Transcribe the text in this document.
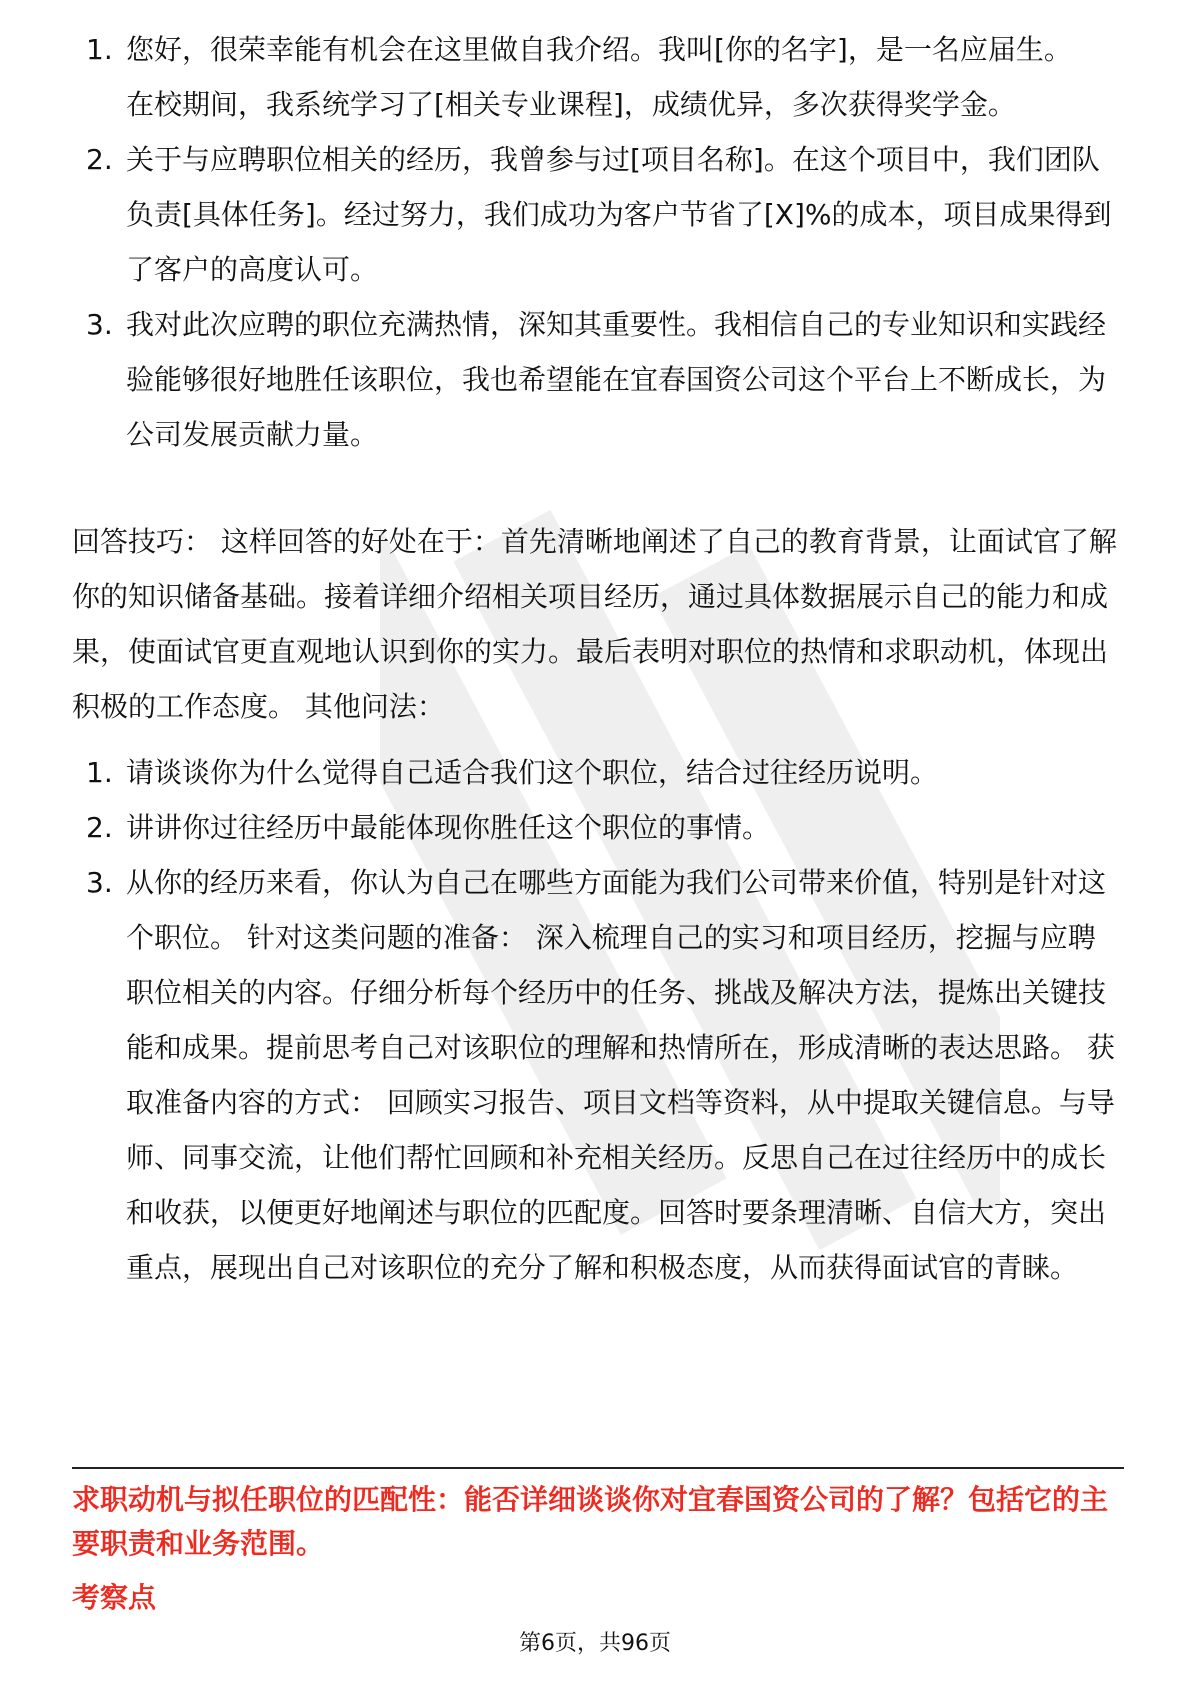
1. 您好，很荣幸能有机会在这里做自我介绍。我叫[你的名字]，是一名应届生。
在校期间，我系统学习了[相关专业课程]，成绩优异，多次获得奖学金。
2. 关于与应聘职位相关的经历，我曾参与过[项目名称]。在这个项目中，我们团队负责[具体任务]。经过努力，我们成功为客户节省了[X]%的成本，项目成果得到了客户的高度认可。
3. 我对此次应聘的职位充满热情，深知其重要性。我相信自己的专业知识和实践经验能够很好地胜任该职位，我也希望能在宜春国资公司这个平台上不断成长，为公司发展贡献力量。

回答技巧： 这样回答的好处在于：首先清晰地阐述了自己的教育背景，让面试官了解你的知识储备基础。接着详细介绍相关项目经历，通过具体数据展示自己的能力和成果，使面试官更直观地认识到你的实力。最后表明对职位的热情和求职动机，体现出积极的工作态度。 其他问法：

1. 请谈谈你为什么觉得自己适合我们这个职位，结合过往经历说明。
2. 讲讲你过往经历中最能体现你胜任这个职位的事情。
3. 从你的经历来看，你认为自己在哪些方面能为我们公司带来价值，特别是针对这个职位。 针对这类问题的准备： 深入梳理自己的实习和项目经历，挖掘与应聘职位相关的内容。仔细分析每个经历中的任务、挑战及解决方法，提炼出关键技能和成果。提前思考自己对该职位的理解和热情所在，形成清晰的表达思路。 获取准备内容的方式： 回顾实习报告、项目文档等资料，从中提取关键信息。与导师、同事交流，让他们帮忙回顾和补充相关经历。反思自己在过往经历中的成长和收获，以便更好地阐述与职位的匹配度。回答时要条理清晰、自信大方，突出重点，展现出自己对该职位的充分了解和积极态度，从而获得面试官的青睐。

求职动机与拟任职位的匹配性：能否详细谈谈你对宜春国资公司的了解？包括它的主要职责和业务范围。

考察点

第6页，共96页
